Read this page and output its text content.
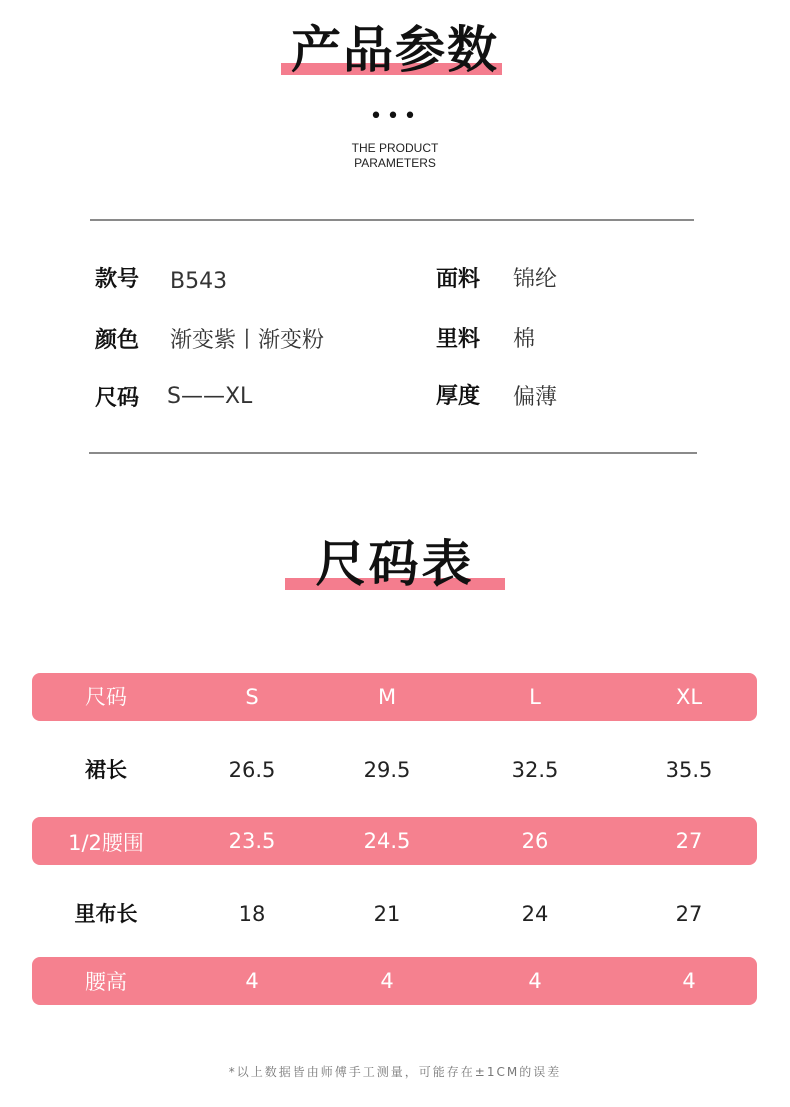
产品参数
•••
THE PRODUCT
PARAMETERS
款号 B543	面料 锦纶
颜色 渐变紫丨渐变粉	里料 棉
尺码 S——XL	厚度 偏薄
尺码表
尺码	S	M	L	XL
裙长	26.5	29.5	32.5	35.5
1/2腰围	23.5	24.5	26	27
里布长	18	21	24	27
腰高	4	4	4	4
*以上数据皆由师傅手工测量，可能存在±1CM的误差
